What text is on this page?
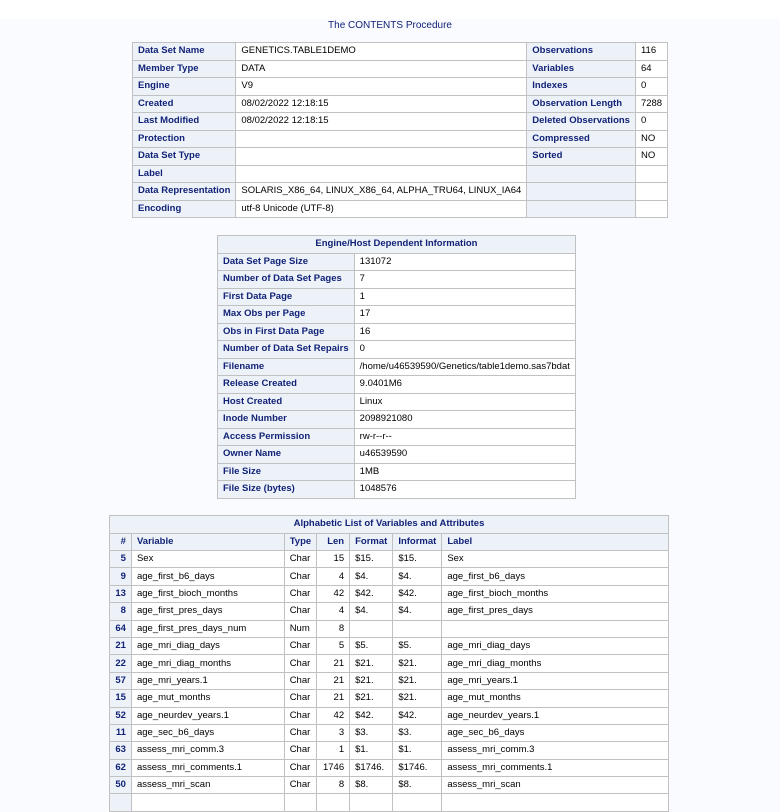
The CONTENTS Procedure
Data Set Name	GENETICS.TABLE1DEMO	Observations	116
Member Type	DATA	Variables	64
Engine	V9	Indexes	0
Created	08/02/2022 12:18:15	Observation Length	7288
Last Modified	08/02/2022 12:18:15	Deleted Observations	0
Protection		Compressed	NO
Data Set Type		Sorted	NO
Label			
Data Representation	SOLARIS_X86_64, LINUX_X86_64, ALPHA_TRU64, LINUX_IA64		
Encoding	utf-8 Unicode (UTF-8)		
Engine/Host Dependent Information	
Data Set Page Size	131072
Number of Data Set Pages	7
First Data Page	1
Max Obs per Page	17
Obs in First Data Page	16
Number of Data Set Repairs	0
Filename	/home/u46539590/Genetics/table1demo.sas7bdat
Release Created	9.0401M6
Host Created	Linux
Inode Number	2098921080
Access Permission	rw-r--r--
Owner Name	u46539590
File Size	1MB
File Size (bytes)	1048576
Alphabetic List of Variables and Attributes						
#	Variable	Type	Len	Format	Informat	Label
5	Sex	Char	15	$15.	$15.	Sex
9	age_first_b6_days	Char	4	$4.	$4.	age_first_b6_days
13	age_first_bioch_months	Char	42	$42.	$42.	age_first_bioch_months
8	age_first_pres_days	Char	4	$4.	$4.	age_first_pres_days
64	age_first_pres_days_num	Num	8			
21	age_mri_diag_days	Char	5	$5.	$5.	age_mri_diag_days
22	age_mri_diag_months	Char	21	$21.	$21.	age_mri_diag_months
57	age_mri_years.1	Char	21	$21.	$21.	age_mri_years.1
15	age_mut_months	Char	21	$21.	$21.	age_mut_months
52	age_neurdev_years.1	Char	42	$42.	$42.	age_neurdev_years.1
11	age_sec_b6_days	Char	3	$3.	$3.	age_sec_b6_days
63	assess_mri_comm.3	Char	1	$1.	$1.	assess_mri_comm.3
62	assess_mri_comments.1	Char	1746	$1746.	$1746.	assess_mri_comments.1
50	assess_mri_scan	Char	8	$8.	$8.	assess_mri_scan
